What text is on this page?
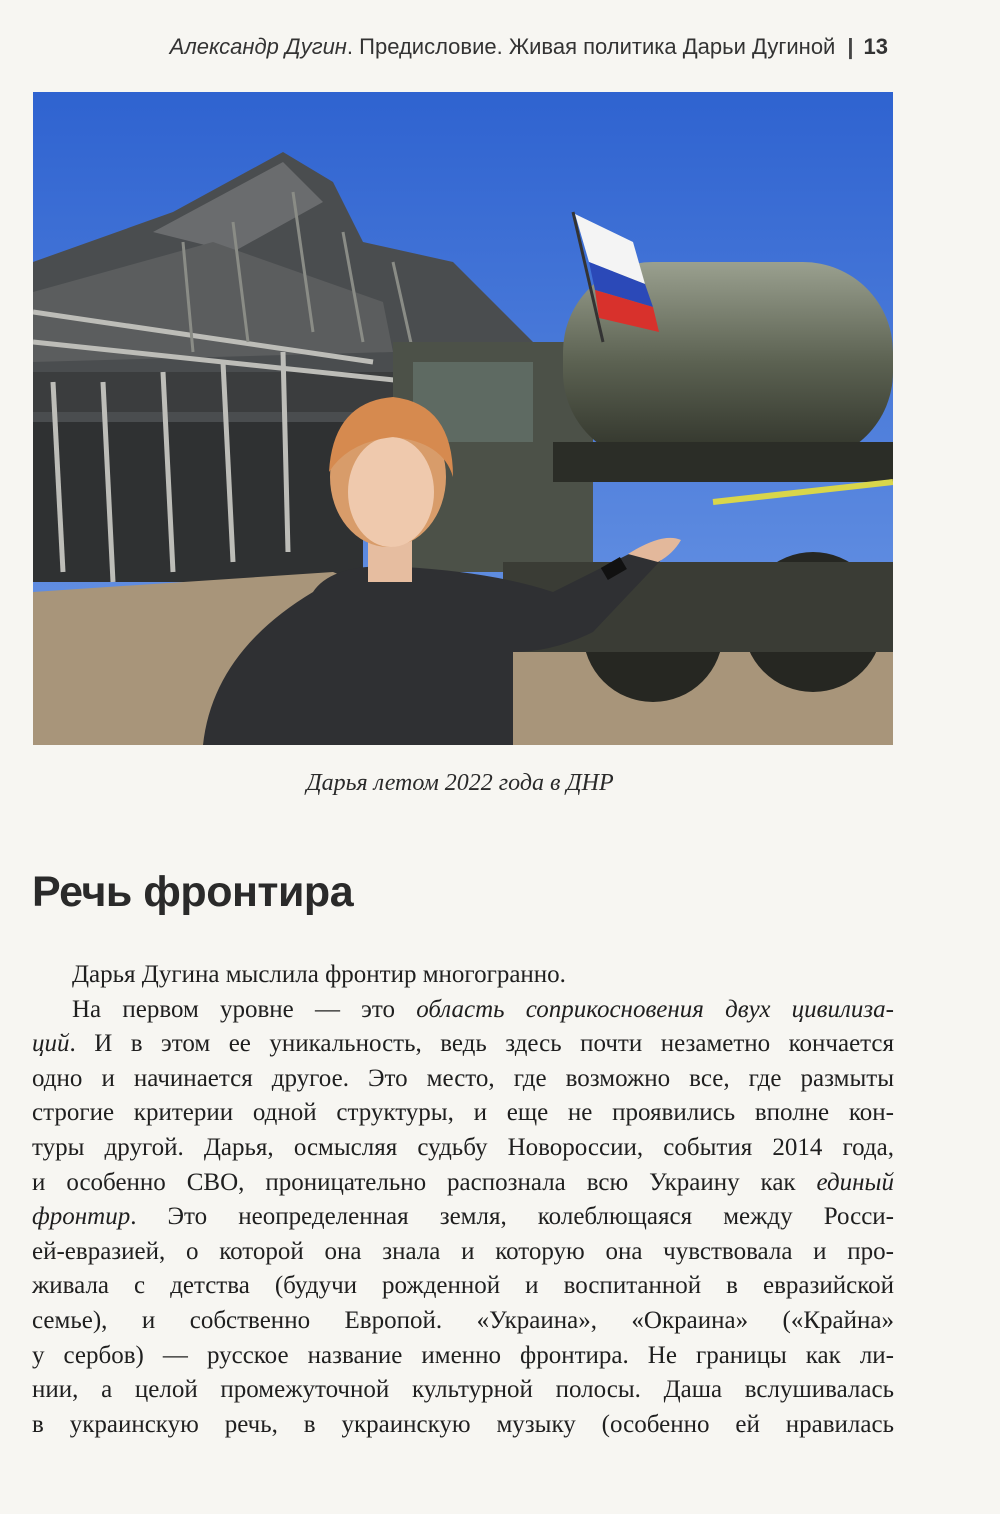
Александр Дугин. Предисловие. Живая политика Дарьи Дугиной | 13
Дарья летом 2022 года в ДНР
Речь фронтира
Дарья Дугина мыслила фронтир многогранно.
На первом уровне — это область соприкосновения двух цивилиза-
ций. И в этом ее уникальность, ведь здесь почти незаметно кончается
одно и начинается другое. Это место, где возможно все, где размыты
строгие критерии одной структуры, и еще не проявились вполне кон-
туры другой. Дарья, осмысляя судьбу Новороссии, события 2014 года,
и особенно СВО, проницательно распознала всю Украину как единый
фронтир. Это неопределенная земля, колеблющаяся между Росси-
ей-евразией, о которой она знала и которую она чувствовала и про-
живала с детства (будучи рожденной и воспитанной в евразийской
семье), и собственно Европой. «Украина», «Окраина» («Крайна»
у сербов) — русское название именно фронтира. Не границы как ли-
нии, а целой промежуточной культурной полосы. Даша вслушивалась
в украинскую речь, в украинскую музыку (особенно ей нравилась
